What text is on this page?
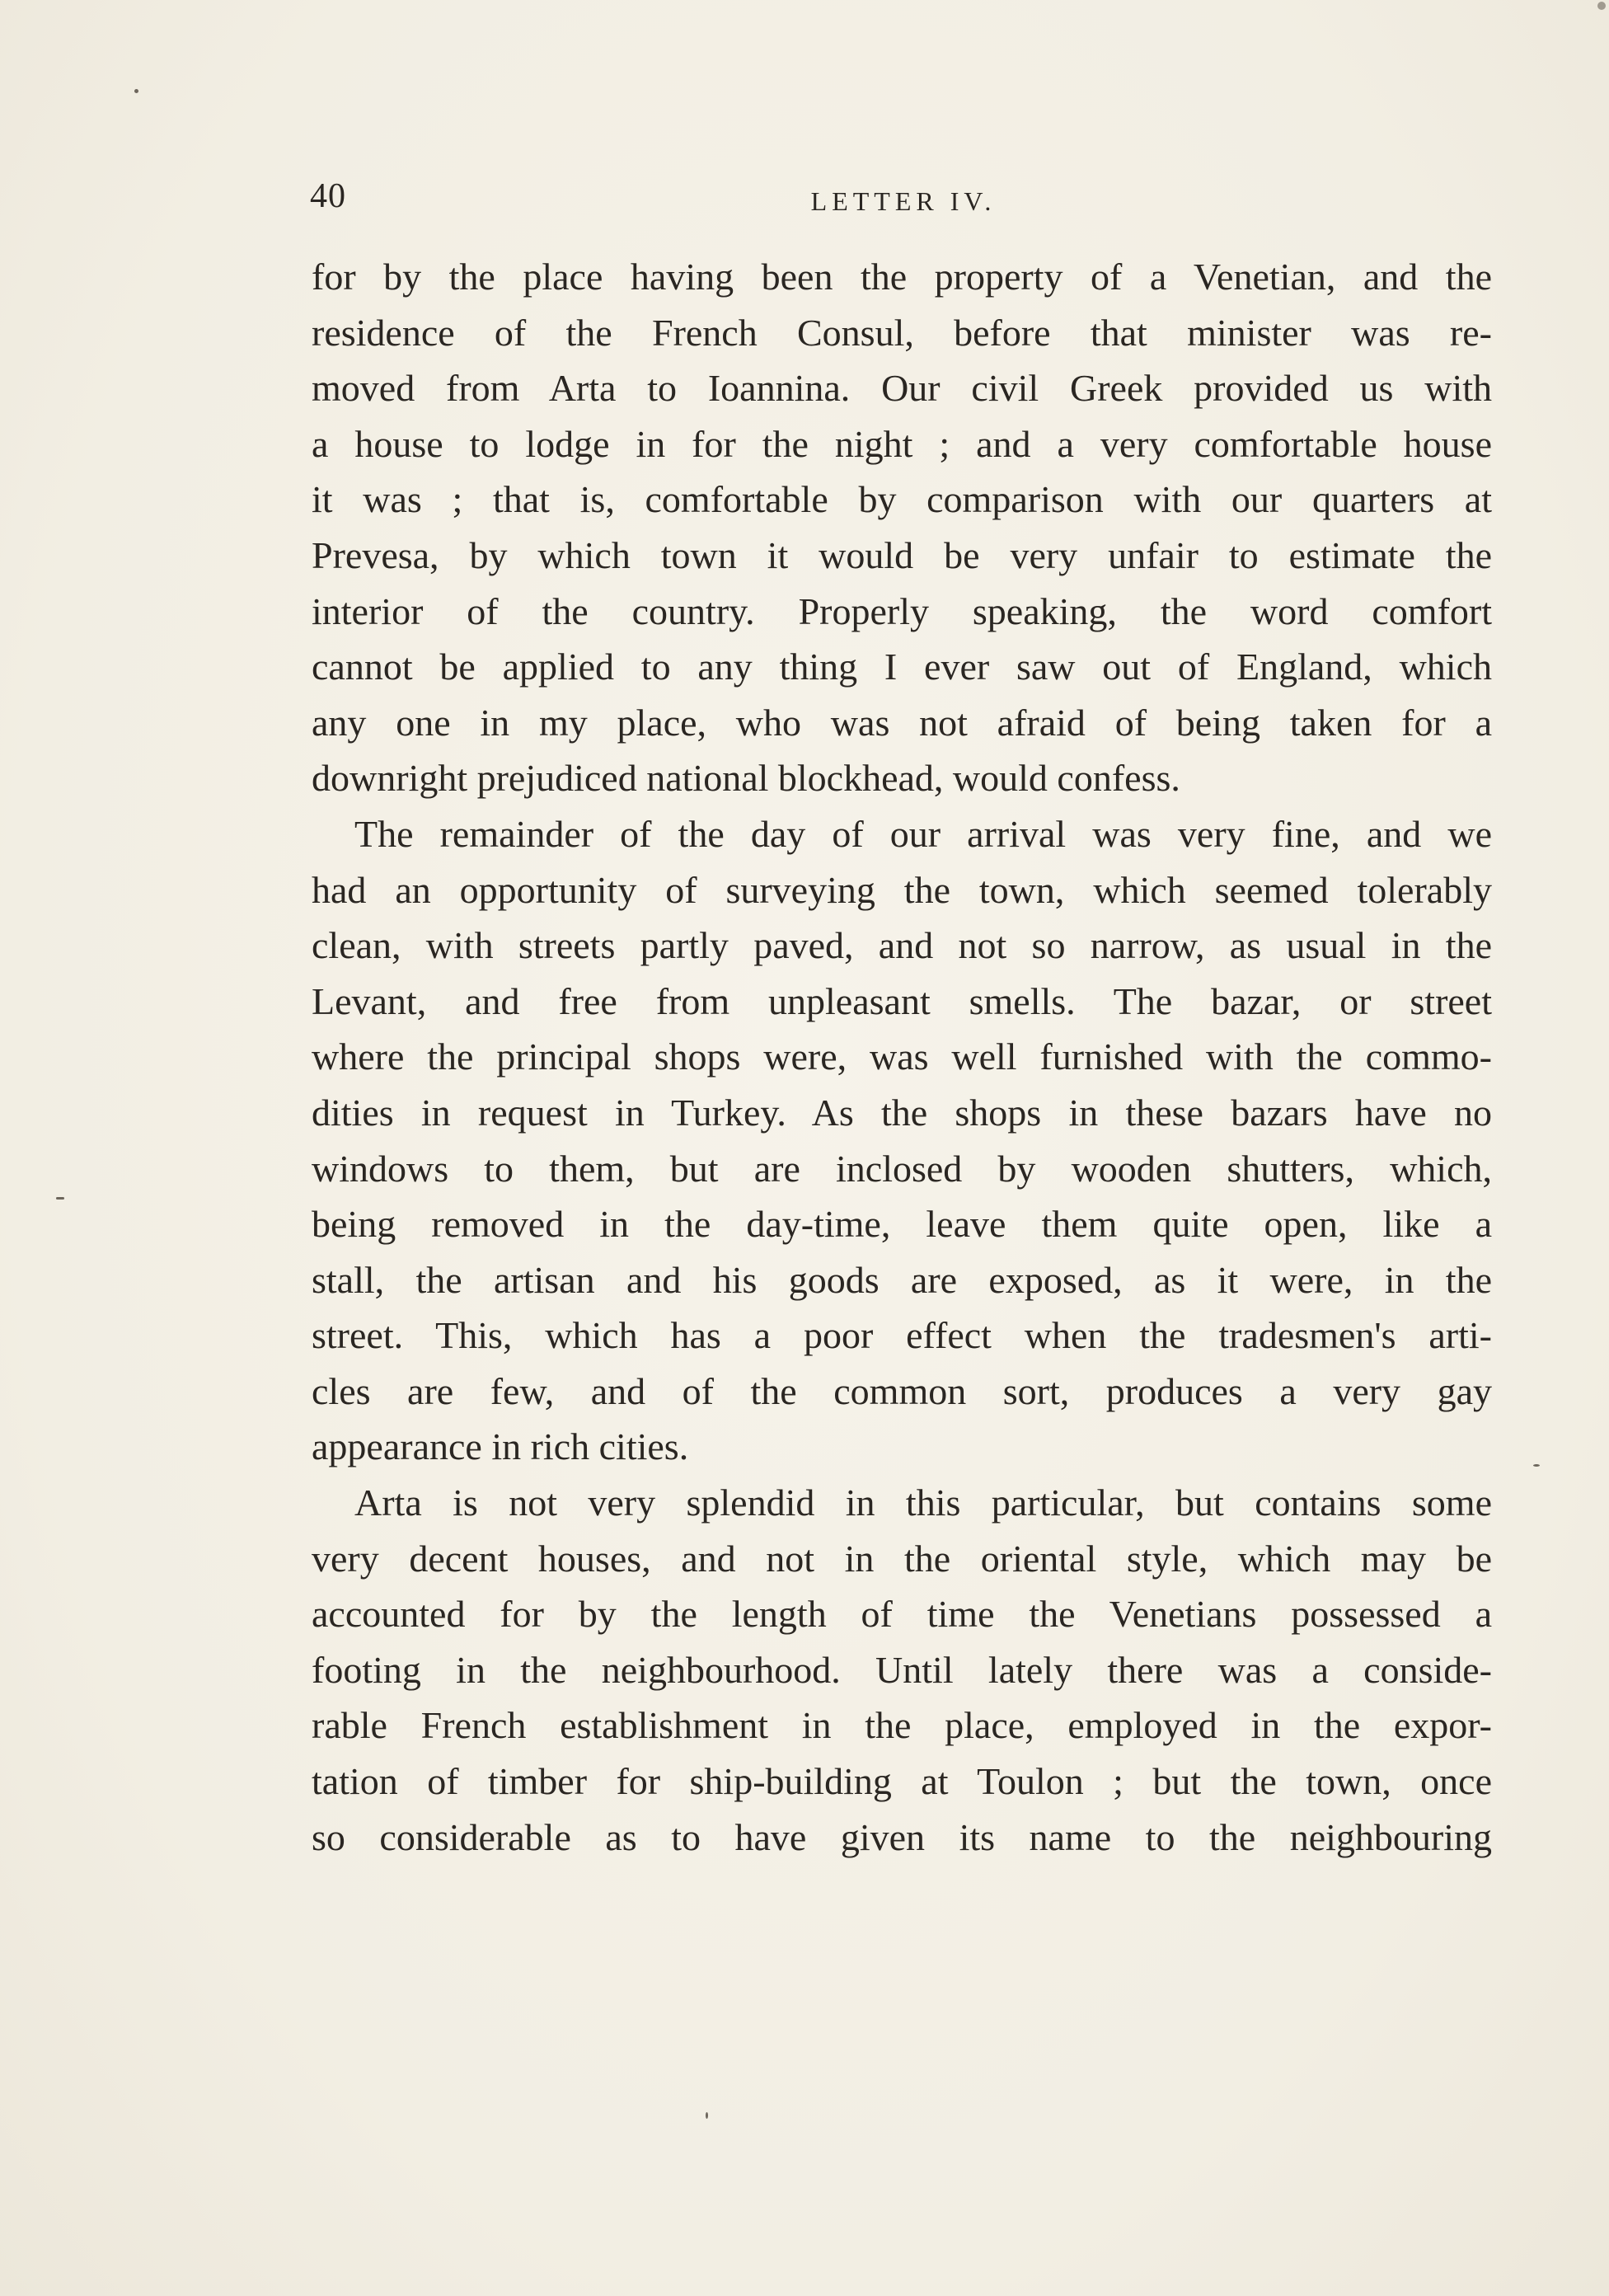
40	LETTER IV.
for by the place having been the property of a Venetian, and the
residence of the French Consul, before that minister was re-
moved from Arta to Ioannina. Our civil Greek provided us with
a house to lodge in for the night ; and a very comfortable house
it was ; that is, comfortable by comparison with our quarters at
Prevesa, by which town it would be very unfair to estimate the
interior of the country. Properly speaking, the word comfort
cannot be applied to any thing I ever saw out of England, which
any one in my place, who was not afraid of being taken for a
downright prejudiced national blockhead, would confess.
The remainder of the day of our arrival was very fine, and we
had an opportunity of surveying the town, which seemed tolerably
clean, with streets partly paved, and not so narrow, as usual in the
Levant, and free from unpleasant smells. The bazar, or street
where the principal shops were, was well furnished with the commo-
dities in request in Turkey. As the shops in these bazars have no
windows to them, but are inclosed by wooden shutters, which,
being removed in the day-time, leave them quite open, like a
stall, the artisan and his goods are exposed, as it were, in the
street. This, which has a poor effect when the tradesmen's arti-
cles are few, and of the common sort, produces a very gay
appearance in rich cities.
Arta is not very splendid in this particular, but contains some
very decent houses, and not in the oriental style, which may be
accounted for by the length of time the Venetians possessed a
footing in the neighbourhood. Until lately there was a conside-
rable French establishment in the place, employed in the expor-
tation of timber for ship-building at Toulon ; but the town, once
so considerable as to have given its name to the neighbouring
